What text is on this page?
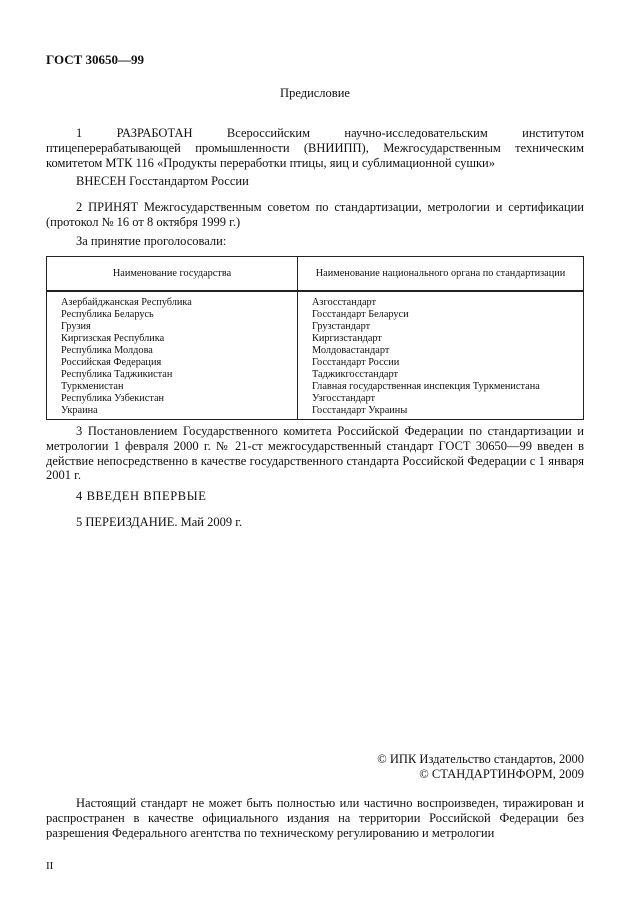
ГОСТ 30650—99
Предисловие
1 РАЗРАБОТАН Всероссийским научно-исследовательским институтом птицеперерабатывающей промышленности (ВНИИПП), Межгосударственным техническим комитетом МТК 116 «Продукты переработки птицы, яиц и сублимационной сушки»
ВНЕСЕН Госстандартом России
2 ПРИНЯТ Межгосударственным советом по стандартизации, метрологии и сертификации (протокол № 16 от 8 октября 1999 г.)
За принятие проголосовали:
Наименование государства	Наименование национального органа по стандартизации
Азербайджанская Республика	Азгосстандарт
Республика Беларусь	Госстандарт Беларуси
Грузия	Грузстандарт
Киргизская Республика	Киргизстандарт
Республика Молдова	Молдовастандарт
Российская Федерация	Госстандарт России
Республика Таджикистан	Таджикгосстандарт
Туркменистан	Главная государственная инспекция Туркменистана
Республика Узбекистан	Узгосстандарт
Украина	Госстандарт Украины
3 Постановлением Государственного комитета Российской Федерации по стандартизации и метрологии 1 февраля 2000 г. № 21-ст межгосударственный стандарт ГОСТ 30650—99 введен в действие непосредственно в качестве государственного стандарта Российской Федерации с 1 января 2001 г.
4 ВВЕДЕН ВПЕРВЫЕ
5 ПЕРЕИЗДАНИЕ. Май 2009 г.
© ИПК Издательство стандартов, 2000
© СТАНДАРТИНФОРМ, 2009
Настоящий стандарт не может быть полностью или частично воспроизведен, тиражирован и распространен в качестве официального издания на территории Российской Федерации без разрешения Федерального агентства по техническому регулированию и метрологии
II
